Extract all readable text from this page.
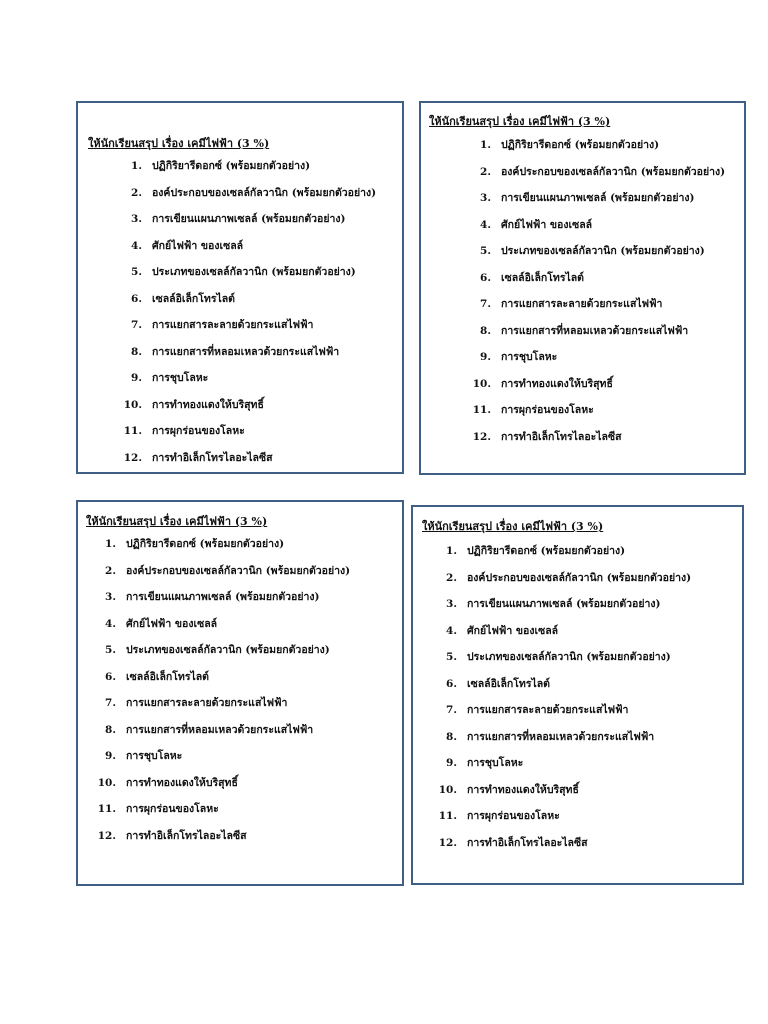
ให้นักเรียนสรุป เรื่อง เคมีไฟฟ้า (3 %)
1. ปฏิกิริยารีดอกซ์ (พร้อมยกตัวอย่าง)
2. องค์ประกอบของเซลล์กัลวานิก (พร้อมยกตัวอย่าง)
3. การเขียนแผนภาพเซลล์ (พร้อมยกตัวอย่าง)
4. ศักย์ไฟฟ้า ของเซลล์
5. ประเภทของเซลล์กัลวานิก (พร้อมยกตัวอย่าง)
6. เซลล์อิเล็กโทรไลต์
7. การแยกสารละลายด้วยกระแสไฟฟ้า
8. การแยกสารที่หลอมเหลวด้วยกระแสไฟฟ้า
9. การชุบโลหะ
10. การทำทองแดงให้บริสุทธิ์
11. การผุกร่อนของโลหะ
12. การทำอิเล็กโทรไลอะไลซีส
ให้นักเรียนสรุป เรื่อง เคมีไฟฟ้า (3 %)
1. ปฏิกิริยารีดอกซ์ (พร้อมยกตัวอย่าง)
2. องค์ประกอบของเซลล์กัลวานิก (พร้อมยกตัวอย่าง)
3. การเขียนแผนภาพเซลล์ (พร้อมยกตัวอย่าง)
4. ศักย์ไฟฟ้า ของเซลล์
5. ประเภทของเซลล์กัลวานิก (พร้อมยกตัวอย่าง)
6. เซลล์อิเล็กโทรไลต์
7. การแยกสารละลายด้วยกระแสไฟฟ้า
8. การแยกสารที่หลอมเหลวด้วยกระแสไฟฟ้า
9. การชุบโลหะ
10. การทำทองแดงให้บริสุทธิ์
11. การผุกร่อนของโลหะ
12. การทำอิเล็กโทรไลอะไลซีส
ให้นักเรียนสรุป เรื่อง เคมีไฟฟ้า (3 %)
1. ปฏิกิริยารีดอกซ์ (พร้อมยกตัวอย่าง)
2. องค์ประกอบของเซลล์กัลวานิก (พร้อมยกตัวอย่าง)
3. การเขียนแผนภาพเซลล์ (พร้อมยกตัวอย่าง)
4. ศักย์ไฟฟ้า ของเซลล์
5. ประเภทของเซลล์กัลวานิก (พร้อมยกตัวอย่าง)
6. เซลล์อิเล็กโทรไลต์
7. การแยกสารละลายด้วยกระแสไฟฟ้า
8. การแยกสารที่หลอมเหลวด้วยกระแสไฟฟ้า
9. การชุบโลหะ
10. การทำทองแดงให้บริสุทธิ์
11. การผุกร่อนของโลหะ
12. การทำอิเล็กโทรไลอะไลซีส
ให้นักเรียนสรุป เรื่อง เคมีไฟฟ้า (3 %)
1. ปฏิกิริยารีดอกซ์ (พร้อมยกตัวอย่าง)
2. องค์ประกอบของเซลล์กัลวานิก (พร้อมยกตัวอย่าง)
3. การเขียนแผนภาพเซลล์ (พร้อมยกตัวอย่าง)
4. ศักย์ไฟฟ้า ของเซลล์
5. ประเภทของเซลล์กัลวานิก (พร้อมยกตัวอย่าง)
6. เซลล์อิเล็กโทรไลต์
7. การแยกสารละลายด้วยกระแสไฟฟ้า
8. การแยกสารที่หลอมเหลวด้วยกระแสไฟฟ้า
9. การชุบโลหะ
10. การทำทองแดงให้บริสุทธิ์
11. การผุกร่อนของโลหะ
12. การทำอิเล็กโทรไลอะไลซีส
